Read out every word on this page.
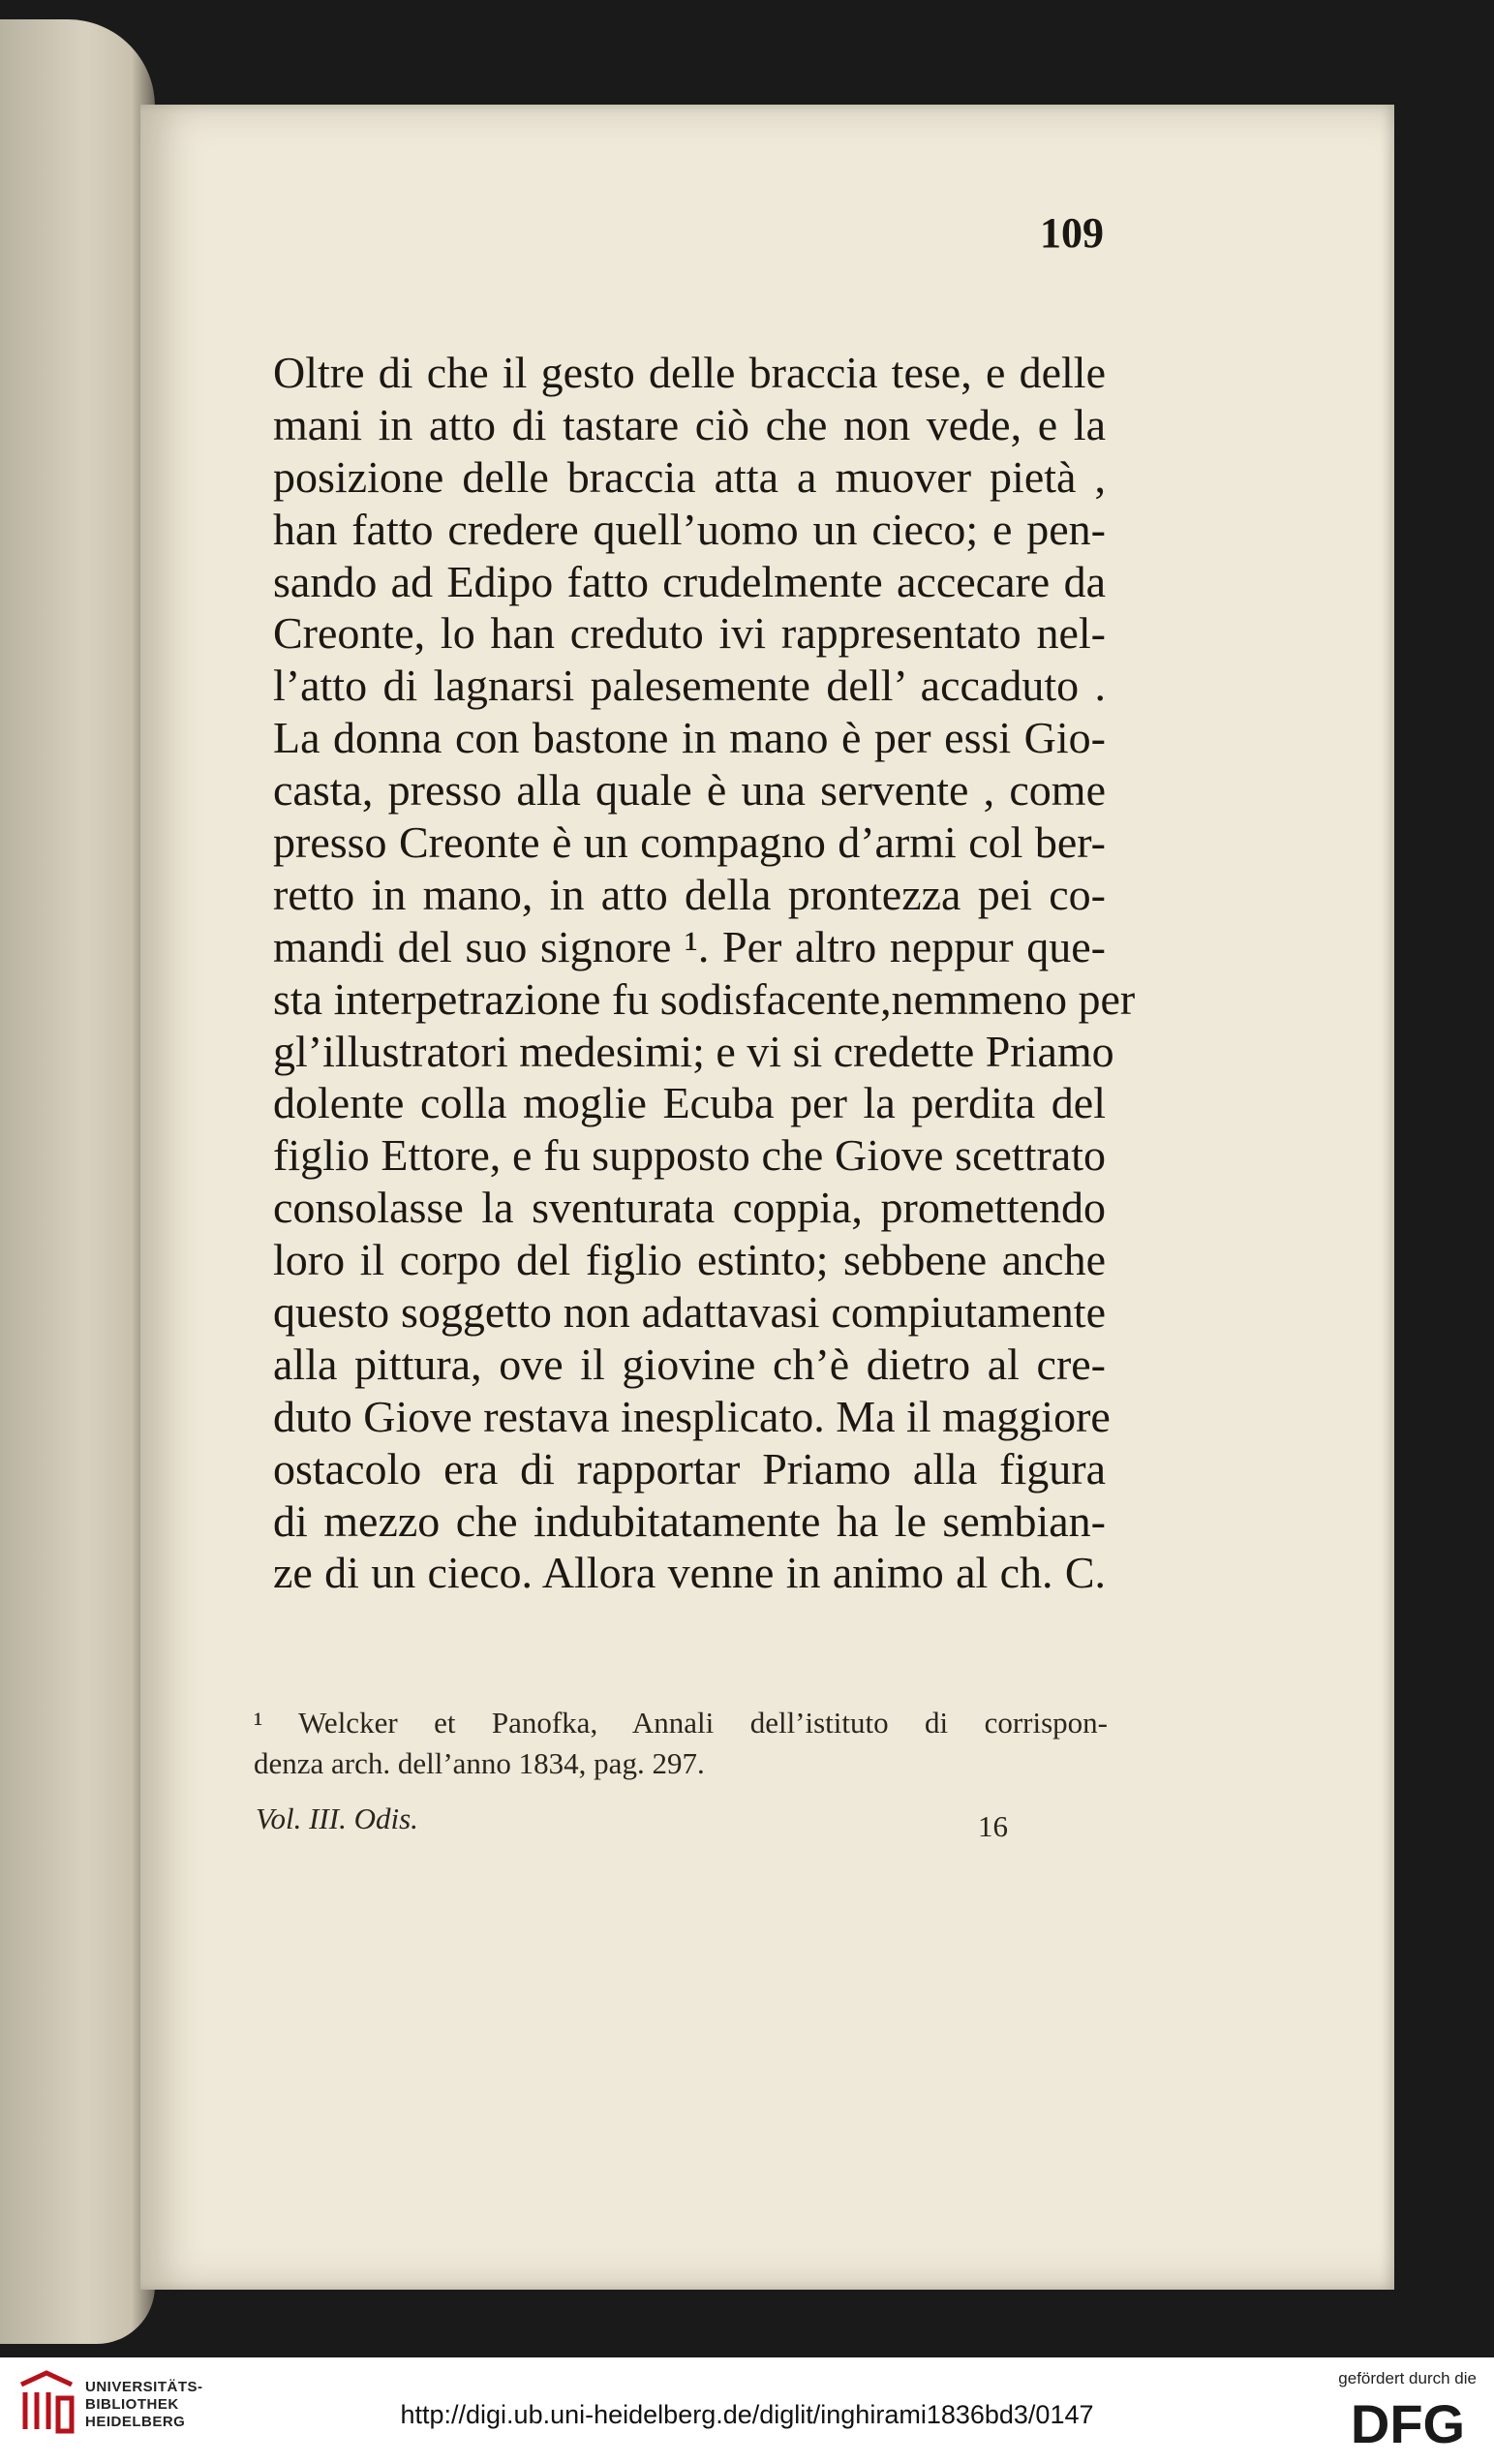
109

Oltre di che il gesto delle braccia tese, e delle
mani in atto di tastare ciò che non vede, e la
posizione delle braccia atta a muover pietà ,
han fatto credere quell’uomo un cieco; e pen-
sando ad Edipo fatto crudelmente accecare da
Creonte, lo han creduto ivi rappresentato nel-
l’atto di lagnarsi palesemente dell’ accaduto .
La donna con bastone in mano è per essi Gio-
casta, presso alla quale è una servente , come
presso Creonte è un compagno d’armi col ber-
retto in mano, in atto della prontezza pei co-
mandi del suo signore ¹. Per altro neppur que-
sta interpetrazione fu sodisfacente,nemmeno per
gl’illustratori medesimi; e vi si credette Priamo
dolente colla moglie Ecuba per la perdita del
figlio Ettore, e fu supposto che Giove scettrato
consolasse la sventurata coppia, promettendo
loro il corpo del figlio estinto; sebbene anche
questo soggetto non adattavasi compiutamente
alla pittura, ove il giovine ch’è dietro al cre-
duto Giove restava inesplicato. Ma il maggiore
ostacolo era di rapportar Priamo alla figura
di mezzo che indubitatamente ha le sembian-
ze di un cieco. Allora venne in animo al ch. C.
¹ Welcker et Panofka, Annali dell’istituto di corrispon-
denza arch. dell’anno 1834, pag. 297.

Vol. III. Odis.	16

UNIVERSITÄTS-
BIBLIOTHEK
HEIDELBERG	http://digi.ub.uni-heidelberg.de/diglit/inghirami1836bd3/0147
gefördert durch die
DFG
